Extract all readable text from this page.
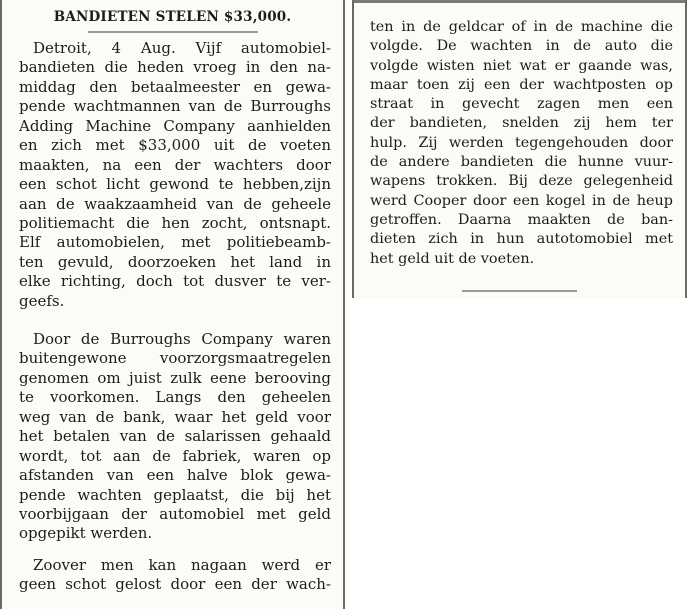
BANDIETEN STELEN $33,000.

Detroit, 4 Aug. Vijf automobiel-
bandieten die heden vroeg in den na-
middag den betaalmeester en gewa-
pende wachtmannen van de Burroughs
Adding Machine Company aanhielden
en zich met $33,000 uit de voeten
maakten, na een der wachters door
een schot licht gewond te hebben,zijn
aan de waakzaamheid van de geheele
politiemacht die hen zocht, ontsnapt.
Elf automobielen, met politiebeamb-
ten gevuld, doorzoeken het land in
elke richting, doch tot dusver te ver-
geefs.

Door de Burroughs Company waren
buitengewone voorzorgsmaatregelen
genomen om juist zulk eene berooving
te voorkomen. Langs den geheelen
weg van de bank, waar het geld voor
het betalen van de salarissen gehaald
wordt, tot aan de fabriek, waren op
afstanden van een halve blok gewa-
pende wachten geplaatst, die bij het
voorbijgaan der automobiel met geld
opgepikt werden.

Zoover men kan nagaan werd er
geen schot gelost door een der wach-

ten in de geldcar of in de machine die
volgde. De wachten in de auto die
volgde wisten niet wat er gaande was,
maar toen zij een der wachtposten op
straat in gevecht zagen men een
der bandieten, snelden zij hem ter
hulp. Zij werden tegengehouden door
de andere bandieten die hunne vuur-
wapens trokken. Bij deze gelegenheid
werd Cooper door een kogel in de heup
getroffen. Daarna maakten de ban-
dieten zich in hun autotomobiel met
het geld uit de voeten.
